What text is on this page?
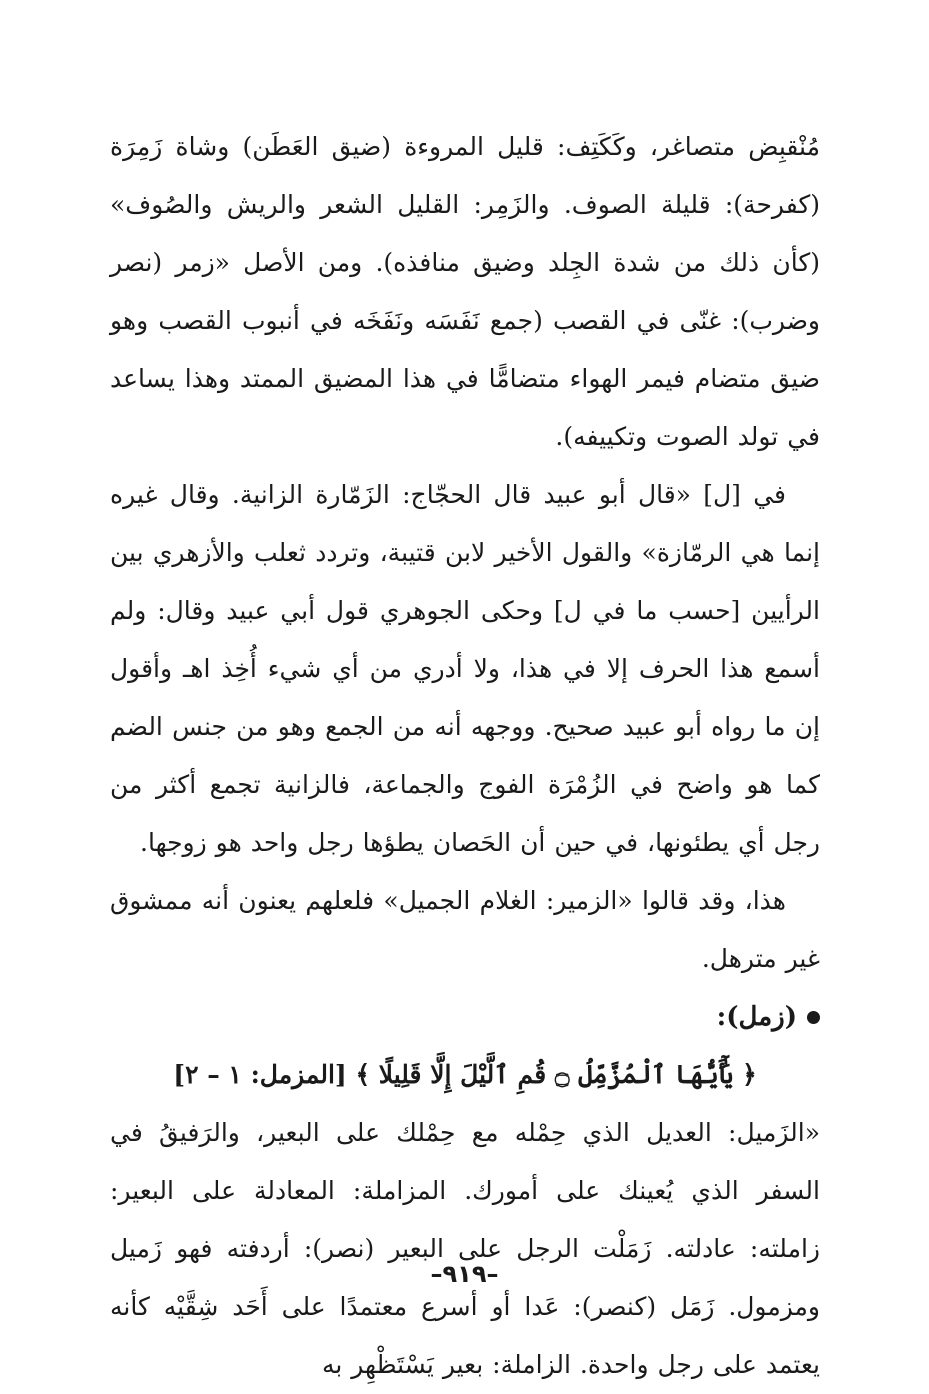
مُنْقبِض متصاغر، وكَكَتِف: قليل المروءة (ضيق العَطَن) وشاة زَمِرَة (كفرحة): قليلة الصوف. والزَمِر: القليل الشعر والريش والصُوف» (كأن ذلك من شدة الجِلد وضيق منافذه). ومن الأصل «زمر (نصر وضرب): غنّى في القصب (جمع نَفَسَه ونَفَخَه في أنبوب القصب وهو ضيق متضام فيمر الهواء متضامًّا في هذا المضيق الممتد وهذا يساعد في تولد الصوت وتكييفه).

في [ل] «قال أبو عبيد قال الحجّاج: الزَمّارة الزانية. وقال غيره إنما هي الرمّازة» والقول الأخير لابن قتيبة، وتردد ثعلب والأزهري بين الرأيين [حسب ما في ل] وحكى الجوهري قول أبي عبيد وقال: ولم أسمع هذا الحرف إلا في هذا، ولا أدري من أي شيء أُخِذ اهـ وأقول إن ما رواه أبو عبيد صحيح. ووجهه أنه من الجمع وهو من جنس الضم كما هو واضح في الزُمْرَة الفوج والجماعة، فالزانية تجمع أكثر من رجل أي يطئونها، في حين أن الحَصان يطؤها رجل واحد هو زوجها.

هذا، وقد قالوا «الزمير: الغلام الجميل» فلعلهم يعنون أنه ممشوق غير مترهل.

(زمل):

﴿ يَٰٓأَيُّهَا ٱلْمُزَّمِّلُ ۝ قُمِ ٱلَّيْلَ إِلَّا قَلِيلًا ﴾ [المزمل: ١ – ٢]

«الزَميل: العديل الذي حِمْله مع حِمْلك على البعير، والرَفيقُ في السفر الذي يُعينك على أمورك. المزاملة: المعادلة على البعير: زاملته: عادلته. زَمَلْت الرجل على البعير (نصر): أردفته فهو زَميل ومزمول. زَمَل (كنصر): عَدا أو أسرع معتمدًا على أَحَد شِقَّيْه كأنه يعتمد على رجل واحدة. الزاملة: بعير يَسْتَظْهِر به

–٩١٩–
